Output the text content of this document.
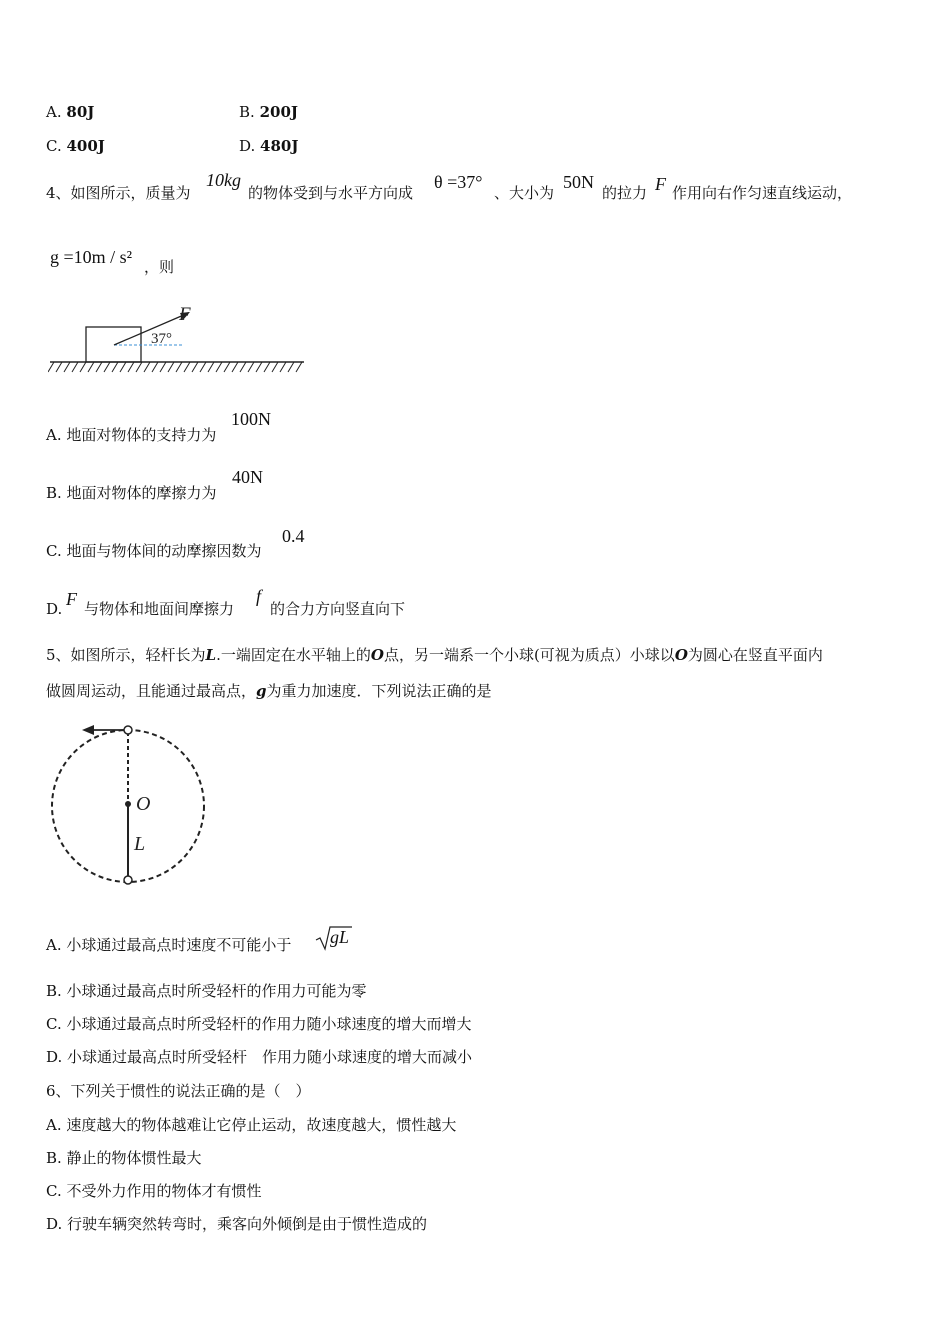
A. 80J	B. 200J
C. 400J	D. 480J
4、如图所示，质量为
10kg
的物体受到与水平方向成
θ =37°
、大小为
50N
的拉力 F 作用向右作匀速直线运动，
g =10m / s² ，则
F
37°
A. 地面对物体的支持力为
100N
B. 地面对物体的摩擦力为
40N
C. 地面与物体间的动摩擦因数为
0.4
D. F 与物体和地面间摩擦力
f
的合力方向竖直向下
5、如图所示，轻杆长为L.一端固定在水平轴上的O点，另一端系一个小球(可视为质点）小球以O为圆心在竖直平面内
做圆周运动，且能通过最高点，g为重力加速度．下列说法正确的是
O
L
A. 小球通过最高点时速度不可能小于 gL
B. 小球通过最高点时所受轻杆的作用力可能为零
C. 小球通过最高点时所受轻杆的作用力随小球速度的增大而增大
D. 小球通过最高点时所受轻杆　作用力随小球速度的增大而减小
6、下列关于惯性的说法正确的是（　）
A. 速度越大的物体越难让它停止运动，故速度越大，惯性越大
B. 静止的物体惯性最大
C. 不受外力作用的物体才有惯性
D. 行驶车辆突然转弯时，乘客向外倾倒是由于惯性造成的
